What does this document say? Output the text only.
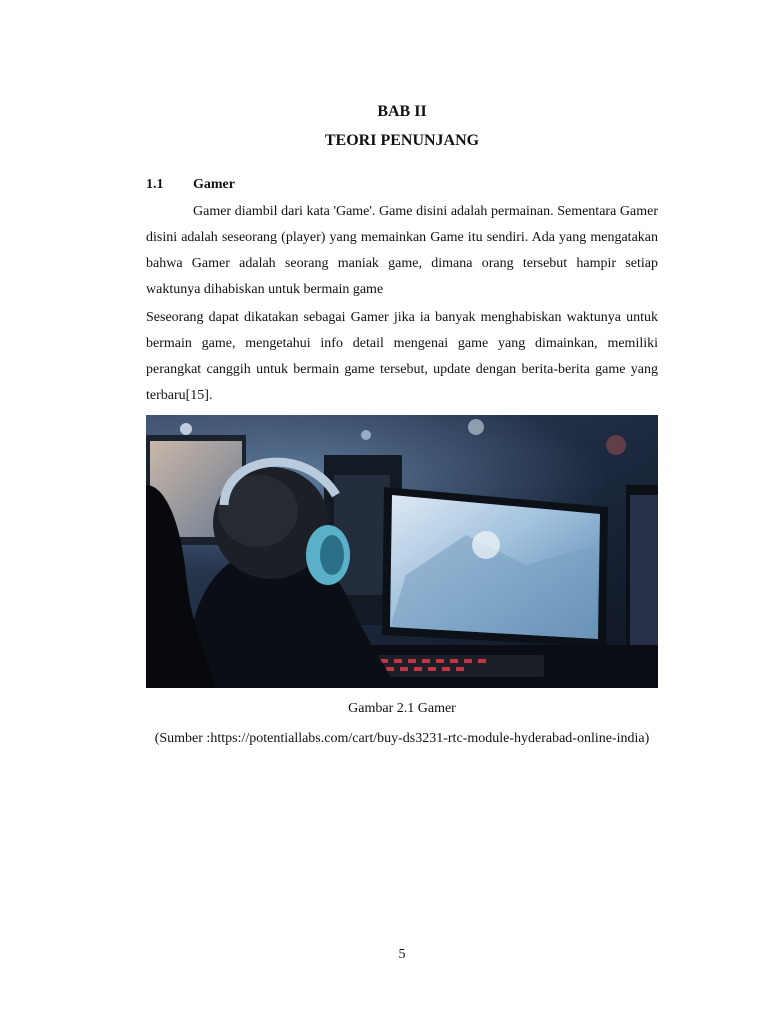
BAB II
TEORI PENUNJANG
1.1 Gamer
Gamer diambil dari kata 'Game'. Game disini adalah permainan. Sementara Gamer disini adalah seseorang (player) yang memainkan Game itu sendiri. Ada yang mengatakan bahwa Gamer adalah seorang maniak game, dimana orang tersebut hampir setiap waktunya dihabiskan untuk bermain game
Seseorang dapat dikatakan sebagai Gamer jika ia banyak menghabiskan waktunya untuk bermain game, mengetahui info detail mengenai game yang dimainkan, memiliki perangkat canggih untuk bermain game tersebut, update dengan berita-berita game yang terbaru[15].
Gambar 2.1 Gamer
(Sumber :https://potentiallabs.com/cart/buy-ds3231-rtc-module-hyderabad-online-india)
5
